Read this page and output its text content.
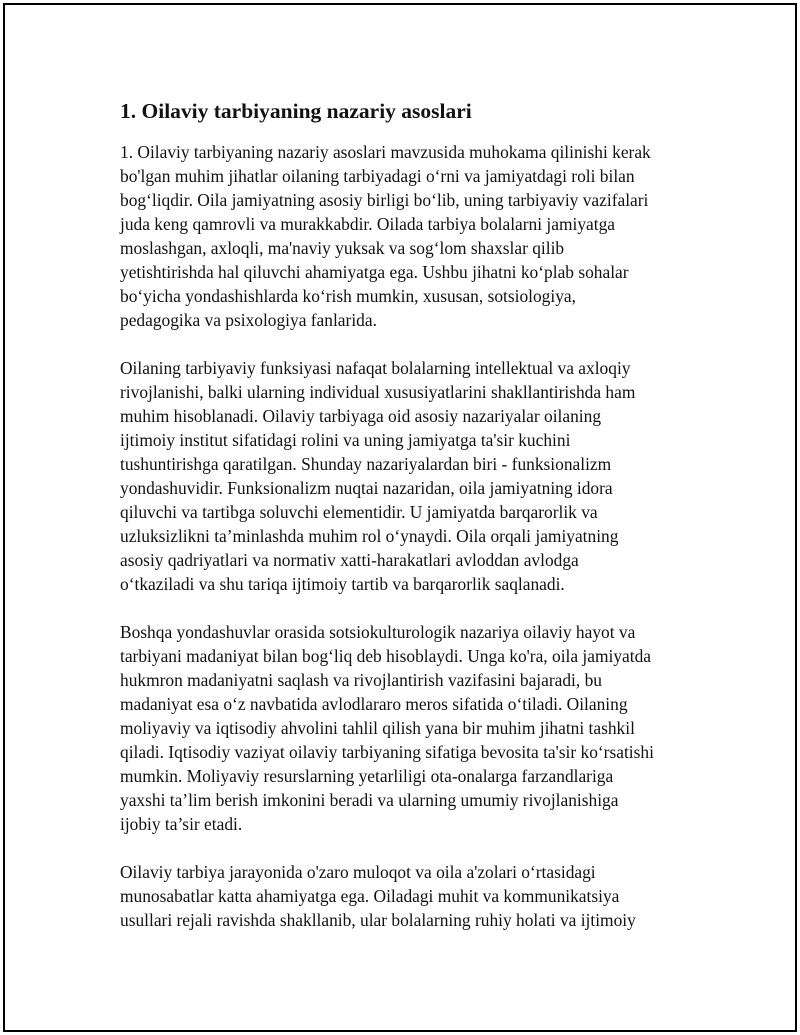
1. Oilaviy tarbiyaning nazariy asoslari
1. Oilaviy tarbiyaning nazariy asoslari mavzusida muhokama qilinishi kerak
bo'lgan muhim jihatlar oilaning tarbiyadagi o‘rni va jamiyatdagi roli bilan
bog‘liqdir. Oila jamiyatning asosiy birligi bo‘lib, uning tarbiyaviy vazifalari
juda keng qamrovli va murakkabdir. Oilada tarbiya bolalarni jamiyatga
moslashgan, axloqli, ma'naviy yuksak va sog‘lom shaxslar qilib
yetishtirishda hal qiluvchi ahamiyatga ega. Ushbu jihatni ko‘plab sohalar
bo‘yicha yondashishlarda ko‘rish mumkin, xususan, sotsiologiya,
pedagogika va psixologiya fanlarida.
Oilaning tarbiyaviy funksiyasi nafaqat bolalarning intellektual va axloqiy
rivojlanishi, balki ularning individual xususiyatlarini shakllantirishda ham
muhim hisoblanadi. Oilaviy tarbiyaga oid asosiy nazariyalar oilaning
ijtimoiy institut sifatidagi rolini va uning jamiyatga ta'sir kuchini
tushuntirishga qaratilgan. Shunday nazariyalardan biri - funksionalizm
yondashuvidir. Funksionalizm nuqtai nazaridan, oila jamiyatning idora
qiluvchi va tartibga soluvchi elementidir. U jamiyatda barqarorlik va
uzluksizlikni ta’minlashda muhim rol o‘ynaydi. Oila orqali jamiyatning
asosiy qadriyatlari va normativ xatti-harakatlari avloddan avlodga
o‘tkaziladi va shu tariqa ijtimoiy tartib va barqarorlik saqlanadi.
Boshqa yondashuvlar orasida sotsiokulturologik nazariya oilaviy hayot va
tarbiyani madaniyat bilan bog‘liq deb hisoblaydi. Unga ko'ra, oila jamiyatda
hukmron madaniyatni saqlash va rivojlantirish vazifasini bajaradi, bu
madaniyat esa o‘z navbatida avlodlararo meros sifatida o‘tiladi. Oilaning
moliyaviy va iqtisodiy ahvolini tahlil qilish yana bir muhim jihatni tashkil
qiladi. Iqtisodiy vaziyat oilaviy tarbiyaning sifatiga bevosita ta'sir ko‘rsatishi
mumkin. Moliyaviy resurslarning yetarliligi ota-onalarga farzandlariga
yaxshi ta’lim berish imkonini beradi va ularning umumiy rivojlanishiga
ijobiy ta’sir etadi.
Oilaviy tarbiya jarayonida o'zaro muloqot va oila a'zolari o‘rtasidagi
munosabatlar katta ahamiyatga ega. Oiladagi muhit va kommunikatsiya
usullari rejali ravishda shakllanib, ular bolalarning ruhiy holati va ijtimoiy
